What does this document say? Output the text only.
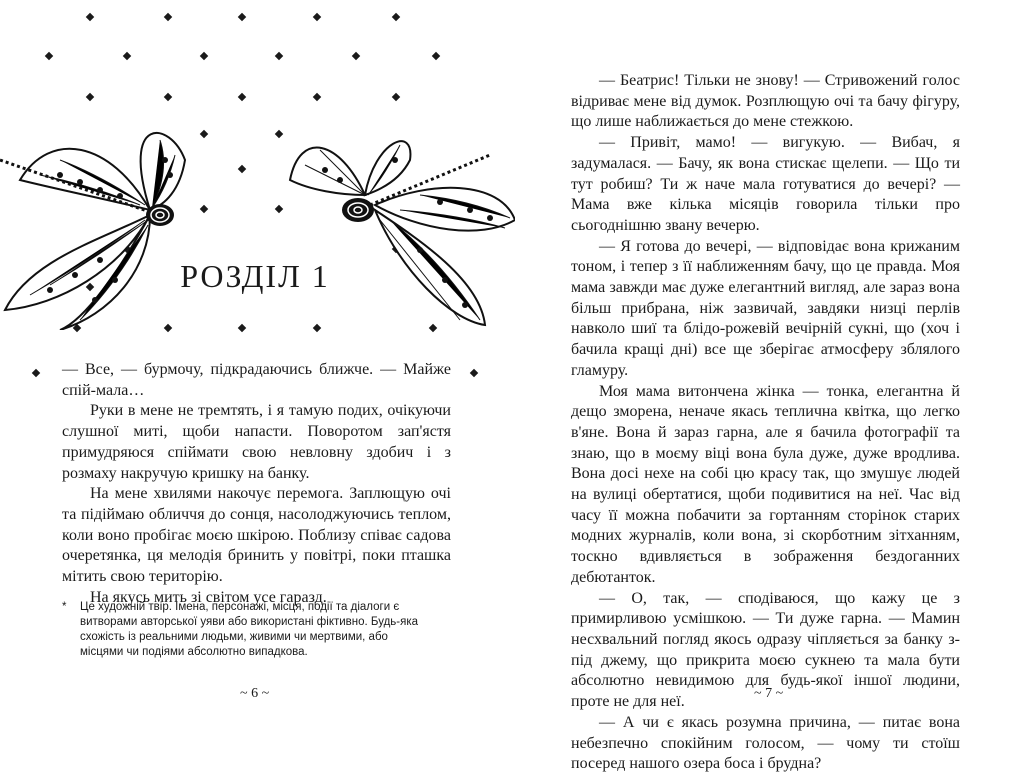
РОЗДІЛ 1

— Все, — бурмочу, підкрадаючись ближче. — Майже спій-мала…

Руки в мене не тремтять, і я тамую подих, очікуючи слушної миті, щоби напасти. Поворотом зап'ястя примудряюся спіймати свою невловну здобич і з розмаху накручую кришку на банку.

На мене хвилями накочує перемога. Заплющую очі та підіймаю обличчя до сонця, насолоджуючись теплом, коли воно пробігає моєю шкірою. Поблизу співає садова очеретянка, ця мелодія бринить у повітрі, поки пташка мітить свою територію.

На якусь мить зі світом усе гаразд.

* Це художній твір. Імена, персонажі, місця, події та діалоги є витворами авторської уяви або використані фіктивно. Будь-яка схожість із реальними людьми, живими чи мертвими, або місцями чи подіями абсолютно випадкова.
~ 6 ~

— Беатрис! Тільки не знову! — Стривожений голос відриває мене від думок. Розплющую очі та бачу фігуру, що лише наближається до мене стежкою.

— Привіт, мамо! — вигукую. — Вибач, я задумалася. — Бачу, як вона стискає щелепи. — Що ти тут робиш? Ти ж наче мала готуватися до вечері? — Мама вже кілька місяців говорила тільки про сьогоднішню звану вечерю.

— Я готова до вечері, — відповідає вона крижаним тоном, і тепер з її наближенням бачу, що це правда. Моя мама завжди має дуже елегантний вигляд, але зараз вона більш прибрана, ніж зазвичай, завдяки низці перлів навколо шиї та блідо-рожевій вечірній сукні, що (хоч і бачила кращі дні) все ще зберігає атмосферу зблялого гламуру.

Моя мама витончена жінка — тонка, елегантна й дещо зморена, неначе якась теплична квітка, що легко в'яне. Вона й зараз гарна, але я бачила фотографії та знаю, що в моєму віці вона була дуже, дуже вродлива. Вона досі нехе на собі цю красу так, що змушує людей на вулиці обертатися, щоби подивитися на неї. Час від часу її можна побачити за гортанням сторінок старих модних журналів, коли вона, зі скорботним зітханням, тоскно вдивляється в зображення бездоганних дебютанток.

— О, так, — сподіваюся, що кажу це з примирливою усмішкою. — Ти дуже гарна. — Мамин несхвальний погляд якось одразу чіпляється за банку з-під джему, що прикрита моєю сукнею та мала бути абсолютно невидимою для будь-якої іншої людини, проте не для неї.

— А чи є якась розумна причина, — питає вона небезпечно спокійним голосом, — чому ти стоїш посеред нашого озера боса і брудна?

~ 7 ~
